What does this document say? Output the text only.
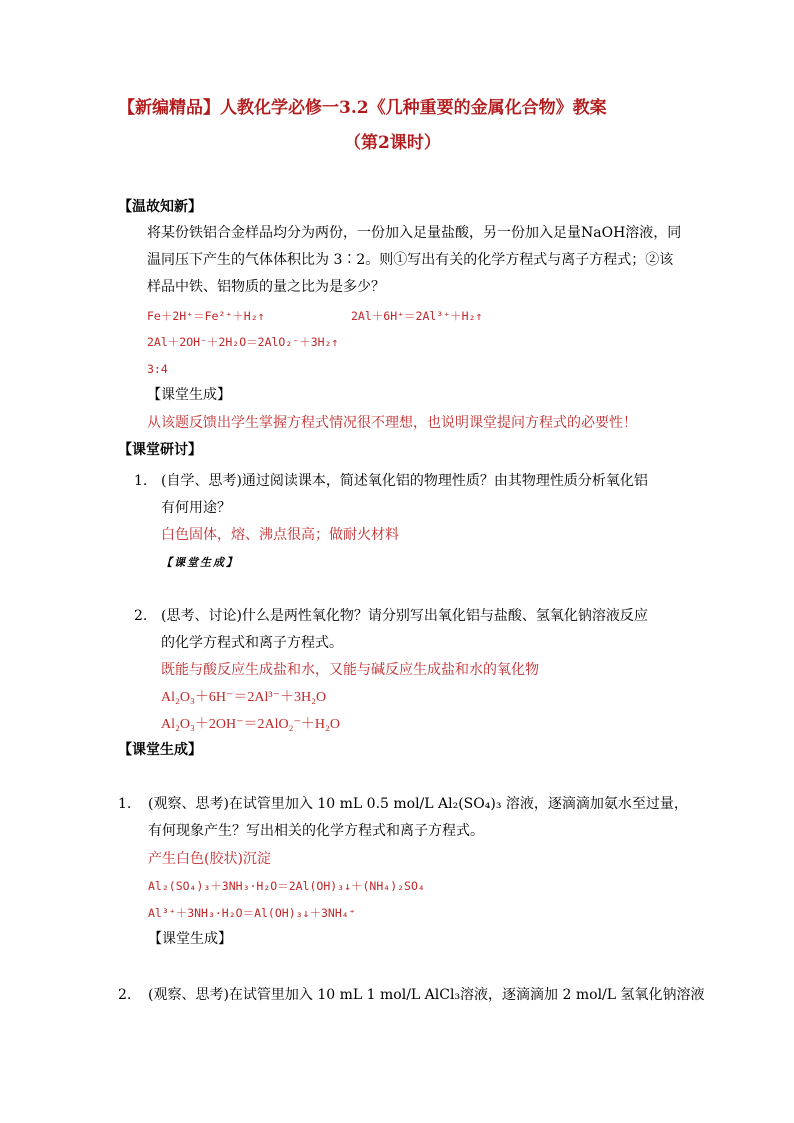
【新编精品】人教化学必修一3.2《几种重要的金属化合物》教案
（第2课时）
【温故知新】
将某份铁铝合金样品均分为两份，一份加入足量盐酸，另一份加入足量NaOH溶液，同
温同压下产生的气体体积比为 3∶2。则①写出有关的化学方程式与离子方程式；②该
样品中铁、铝物质的量之比为是多少？
Fe＋2H⁺＝Fe²⁺＋H₂↑	2Al＋6H⁺＝2Al³⁺＋H₂↑
2Al＋2OH⁻＋2H₂O＝2AlO₂⁻＋3H₂↑
3:4
【课堂生成】
从该题反馈出学生掌握方程式情况很不理想，也说明课堂提问方程式的必要性！
【课堂研讨】
1. (自学、思考)通过阅读课本，简述氧化铝的物理性质？由其物理性质分析氧化铝
有何用途？
白色固体，熔、沸点很高；做耐火材料
【课堂生成】
2. (思考、讨论)什么是两性氧化物？请分别写出氧化铝与盐酸、氢氧化钠溶液反应
的化学方程式和离子方程式。
既能与酸反应生成盐和水，又能与碱反应生成盐和水的氧化物
Al₂O₃＋6H⁻＝2Al³⁻＋3H₂O
Al₂O₃＋2OH⁻＝2AlO₂⁻＋H₂O
【课堂生成】
1. (观察、思考)在试管里加入 10 mL 0.5 mol/L Al₂(SO₄)₃ 溶液，逐滴滴加氨水至过量，
有何现象产生？写出相关的化学方程式和离子方程式。
产生白色(胶状)沉淀
Al₂(SO₄)₃＋3NH₃·H₂O＝2Al(OH)₃↓＋(NH₄)₂SO₄
Al³⁺＋3NH₃·H₂O＝Al(OH)₃↓＋3NH₄⁺
【课堂生成】
2. (观察、思考)在试管里加入 10 mL 1 mol/L AlCl₃溶液，逐滴滴加 2 mol/L 氢氧化钠溶液
